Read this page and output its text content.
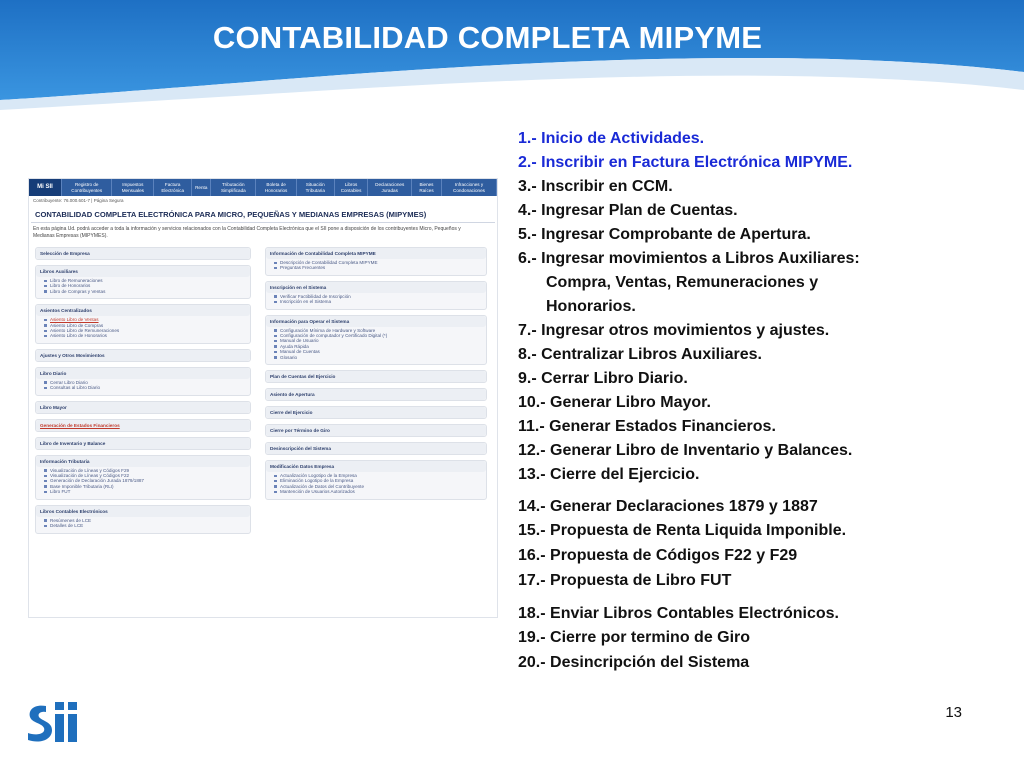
CONTABILIDAD COMPLETA MIPYME
Mi SII	Registro de Contribuyentes
Impuestos Mensuales
Factura Electrónica
Renta
Tributación Simplificada
Boleta de Honorarios
Situación Tributaria
Libros Contables
Declaraciones Juradas
Bienes Raíces
Infracciones y Condonaciones
Contribuyente: 76.000.601-7 | Página Segura
CONTABILIDAD COMPLETA ELECTRÓNICA PARA MICRO, PEQUEÑAS Y MEDIANAS EMPRESAS (MIPYMES)
En esta página Ud. podrá acceder a toda la información y servicios relacionados con la Contabilidad Completa Electrónica que el SII pone a disposición de los contribuyentes Micro, Pequeños y Medianas Empresas (MIPYMES).
Selección de Empresa
Libros Auxiliares
Libro de Remuneraciones
Libro de Honorarios
Libro de Compras y Ventas
Asientos Centralizados
Asiento Libro de Ventas
Asiento Libro de Compras
Asiento Libro de Remuneraciones
Asiento Libro de Honorarios
Ajustes y Otros Movimientos
Libro Diario
Cerrar Libro Diario
Consultas al Libro Diario
Libro Mayor
Generación de Estados Financieros
Libro de Inventario y Balance
Información Tributaria
Visualización de Líneas y Códigos F29
Visualización de Líneas y Códigos F22
Generación de Declaración Jurada 1879/1887
Base Imponible Tributaria (RLI)
Libro FUT
Libros Contables Electrónicos
Resúmenes de LCE
Detalles de LCE
Información de Contabilidad Completa MIPYME
Descripción de Contabilidad Completa MIPYME
Preguntas Frecuentes
Inscripción en el Sistema
Verificar Factibilidad de Inscripción
Inscripción en el Sistema
Información para Operar el Sistema
Configuración Mínima de Hardware y Software
Configuración de computador y Certificado Digital (*)
Manual de Usuario
Ayuda Rápida
Manual de Cuentas
Glosario
Plan de Cuentas del Ejercicio
Asiento de Apertura
Cierre del Ejercicio
Cierre por Término de Giro
Desinscripción del Sistema
Modificación Datos Empresa
Actualización Logotipo de la Empresa
Eliminación Logotipo de la Empresa
Actualización de Datos del Contribuyente
Mantención de Usuarios Autorizados
1.- Inicio de Actividades.
2.- Inscribir en Factura Electrónica MIPYME.
3.- Inscribir en CCM.
4.- Ingresar Plan de Cuentas.
5.- Ingresar Comprobante de Apertura.
6.- Ingresar movimientos a Libros Auxiliares:
Compra, Ventas, Remuneraciones y
Honorarios.
7.- Ingresar otros movimientos y ajustes.
8.- Centralizar Libros Auxiliares.
9.- Cerrar Libro Diario.
10.- Generar Libro Mayor.
11.- Generar Estados Financieros.
12.- Generar Libro de Inventario y Balances.
13.- Cierre del Ejercicio.
14.- Generar Declaraciones 1879 y 1887
15.- Propuesta de Renta Liquida Imponible.
16.- Propuesta de Códigos F22 y F29
17.- Propuesta de Libro FUT
18.- Enviar Libros Contables Electrónicos.
19.- Cierre por termino de Giro
20.- Desincripción del Sistema
13
